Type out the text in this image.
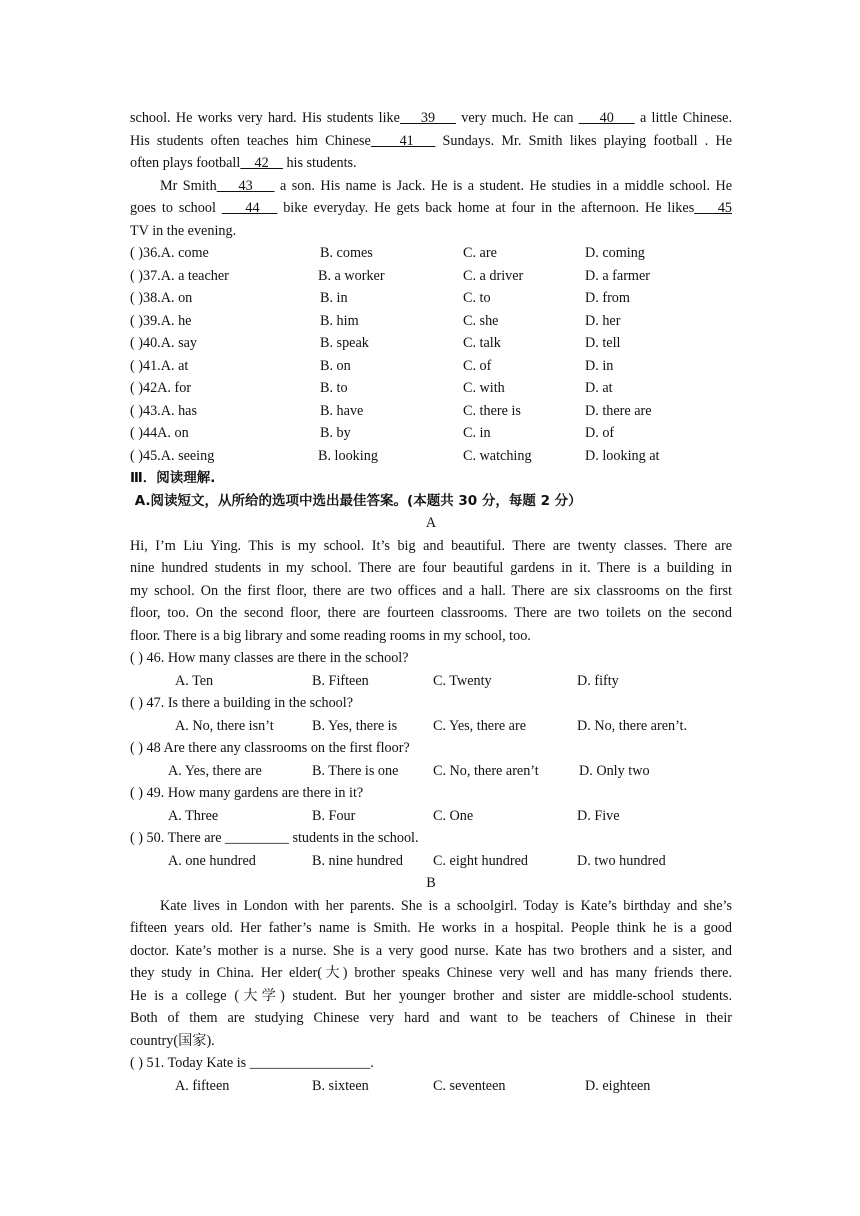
school. He works very hard. His students like    39     very much. He can     40     a little Chinese.

His students often teaches him Chinese    41    Sundays. Mr. Smith likes playing football . He

often plays football    42     his students.

Mr Smith    43     a son. His name is Jack. He is a student. He studies in a middle school. He

goes to school     44    bike everyday. He gets back home at four in the afternoon. He likes    45

TV in the evening.

( )36.A. come	B. comes	C. are	D. coming
( )37.A. a teacher	B. a worker	C. a driver	D. a farmer
( )38.A. on	B. in	C. to	D. from
( )39.A. he	B. him	C. she	D. her
( )40.A. say	B. speak	C. talk	D. tell
( )41.A. at	B. on	C. of	D. in
( )42A. for	B. to	C. with	D. at
( )43.A. has	B. have	C. there is	D. there are
( )44A. on	B. by	C. in	D. of
( )45.A. seeing	B. looking	C. watching	D. looking at
Ⅲ．阅读理解.
A.阅读短文，从所给的选项中选出最佳答案。(本题共 30 分，每题 2 分）
A

Hi, I’m Liu Ying. This is my school. It’s big and beautiful. There are twenty classes. There are

nine hundred students in my school. There are four beautiful gardens in it. There is a building in

my school. On the first floor, there are two offices and a hall. There are six classrooms on the first

floor, too. On the second floor, there are fourteen classrooms. There are two toilets on the second

floor. There is a big library and some reading rooms in my school, too.

( ) 46. How many classes are there in the school?
A. Ten	B. Fifteen	C. Twenty	D. fifty
( ) 47. Is there a building in the school?
A. No, there isn’t	B. Yes, there is	C. Yes, there are	D. No, there aren’t.
( ) 48 Are there any classrooms on the first floor?
A. Yes, there are	B. There is one C. No, there aren’t	D. Only two
( ) 49. How many gardens are there in it?
A. Three	B. Four	C. One	D. Five
( ) 50. There are _________ students in the school.
A. one hundred	B. nine hundred C. eight hundred	D. two hundred
B

Kate lives in London with her parents. She is a schoolgirl. Today is Kate’s birthday and she’s

fifteen years old. Her father’s name is Smith. He works in a hospital. People think he is a good

doctor. Kate’s mother is a nurse. She is a very good nurse. Kate has two brothers and a sister, and

they study in China. Her elder(大) brother speaks Chinese very well and has many friends there.

He is a college (大学) student. But her younger brother and sister are middle-school students.

Both of them are studying Chinese very hard and want to be teachers of Chinese in their

country(国家).

( ) 51. Today Kate is _________________.
A. fifteen	B. sixteen	C. seventeen	D. eighteen
